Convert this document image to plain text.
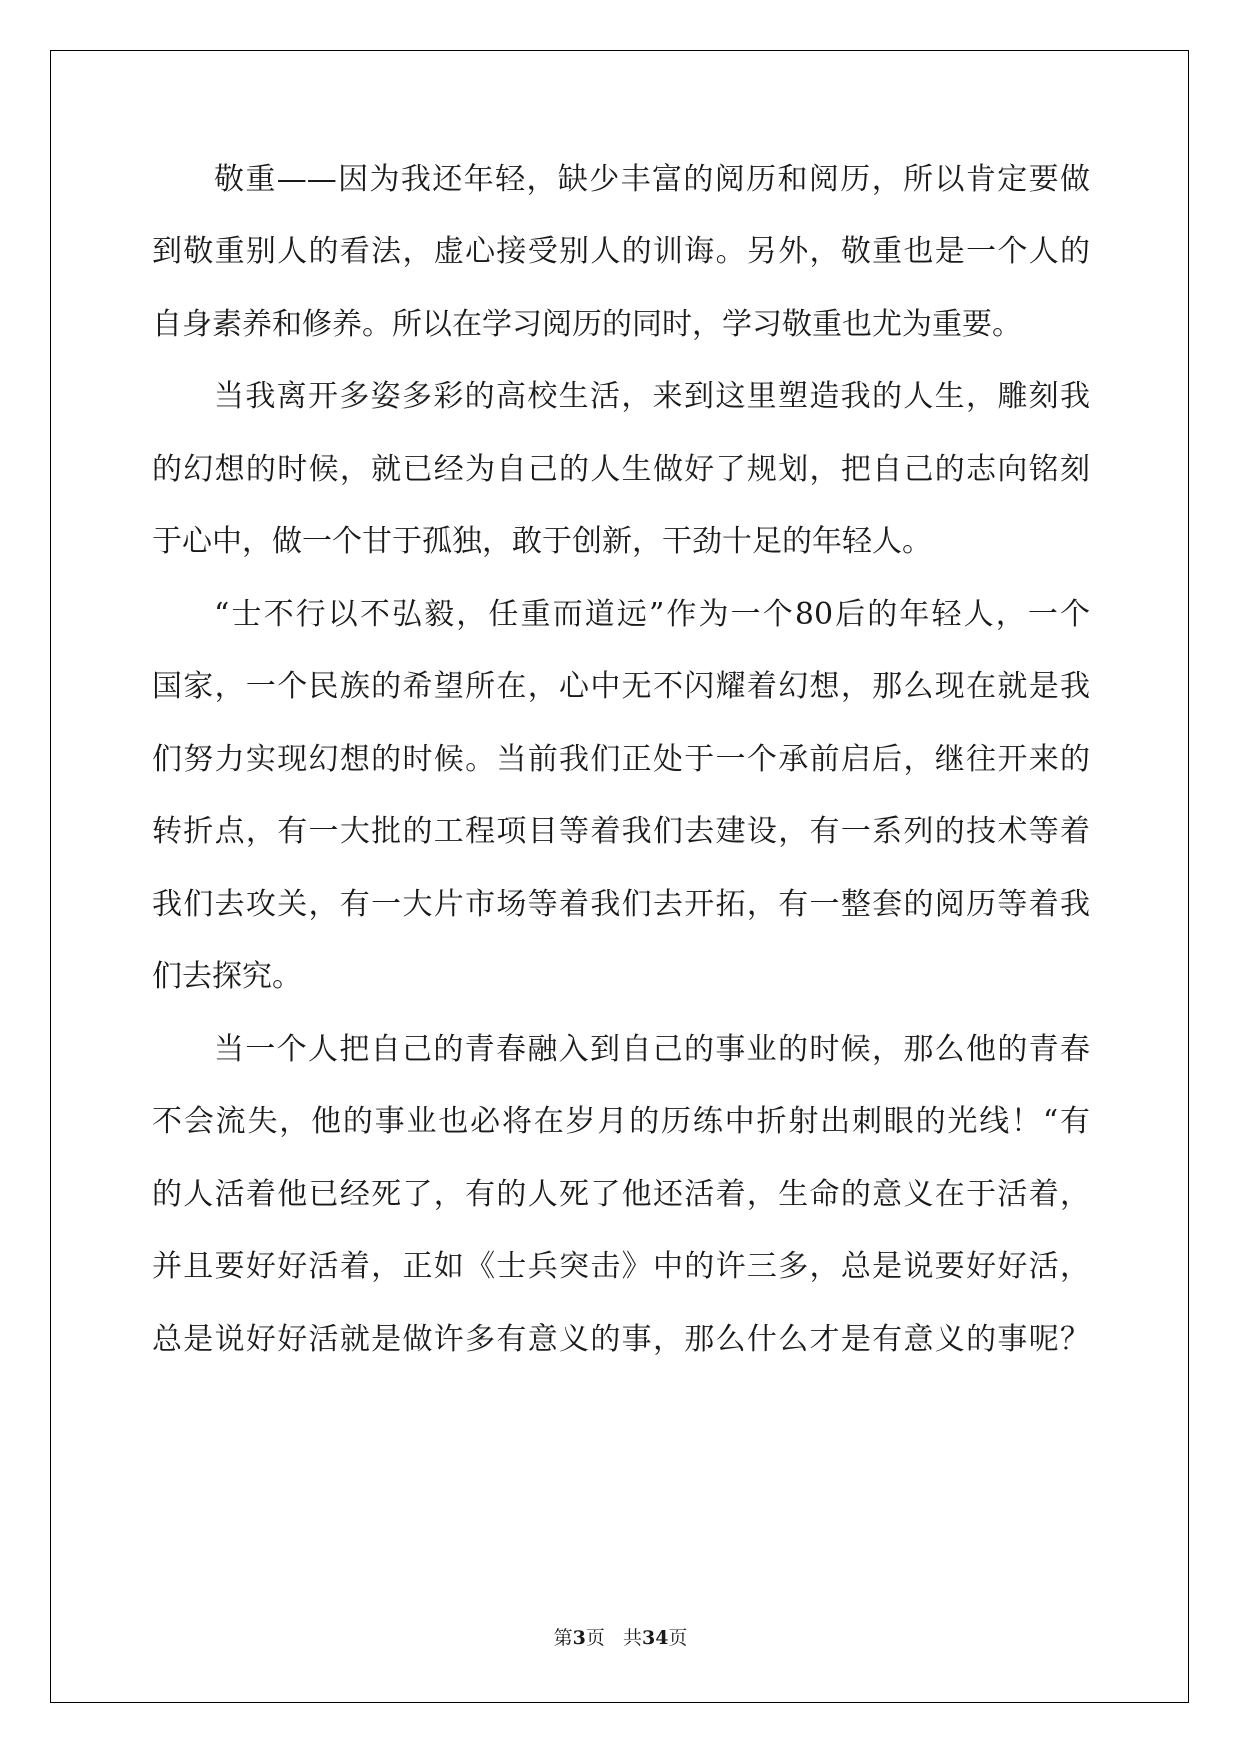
敬重——因为我还年轻，缺少丰富的阅历和阅历，所以肯定要做
到敬重别人的看法，虚心接受别人的训诲。另外，敬重也是一个人的
自身素养和修养。所以在学习阅历的同时，学习敬重也尤为重要。
当我离开多姿多彩的高校生活，来到这里塑造我的人生，雕刻我
的幻想的时候，就已经为自己的人生做好了规划，把自己的志向铭刻
于心中，做一个甘于孤独，敢于创新，干劲十足的年轻人。
“士不行以不弘毅，任重而道远”作为一个80后的年轻人，一个
国家，一个民族的希望所在，心中无不闪耀着幻想，那么现在就是我
们努力实现幻想的时候。当前我们正处于一个承前启后，继往开来的
转折点，有一大批的工程项目等着我们去建设，有一系列的技术等着
我们去攻关，有一大片市场等着我们去开拓，有一整套的阅历等着我
们去探究。
当一个人把自己的青春融入到自己的事业的时候，那么他的青春
不会流失，他的事业也必将在岁月的历练中折射出刺眼的光线！“有
的人活着他已经死了，有的人死了他还活着，生命的意义在于活着，
并且要好好活着，正如《士兵突击》中的许三多，总是说要好好活，
总是说好好活就是做许多有意义的事，那么什么才是有意义的事呢？
第3页 共34页
